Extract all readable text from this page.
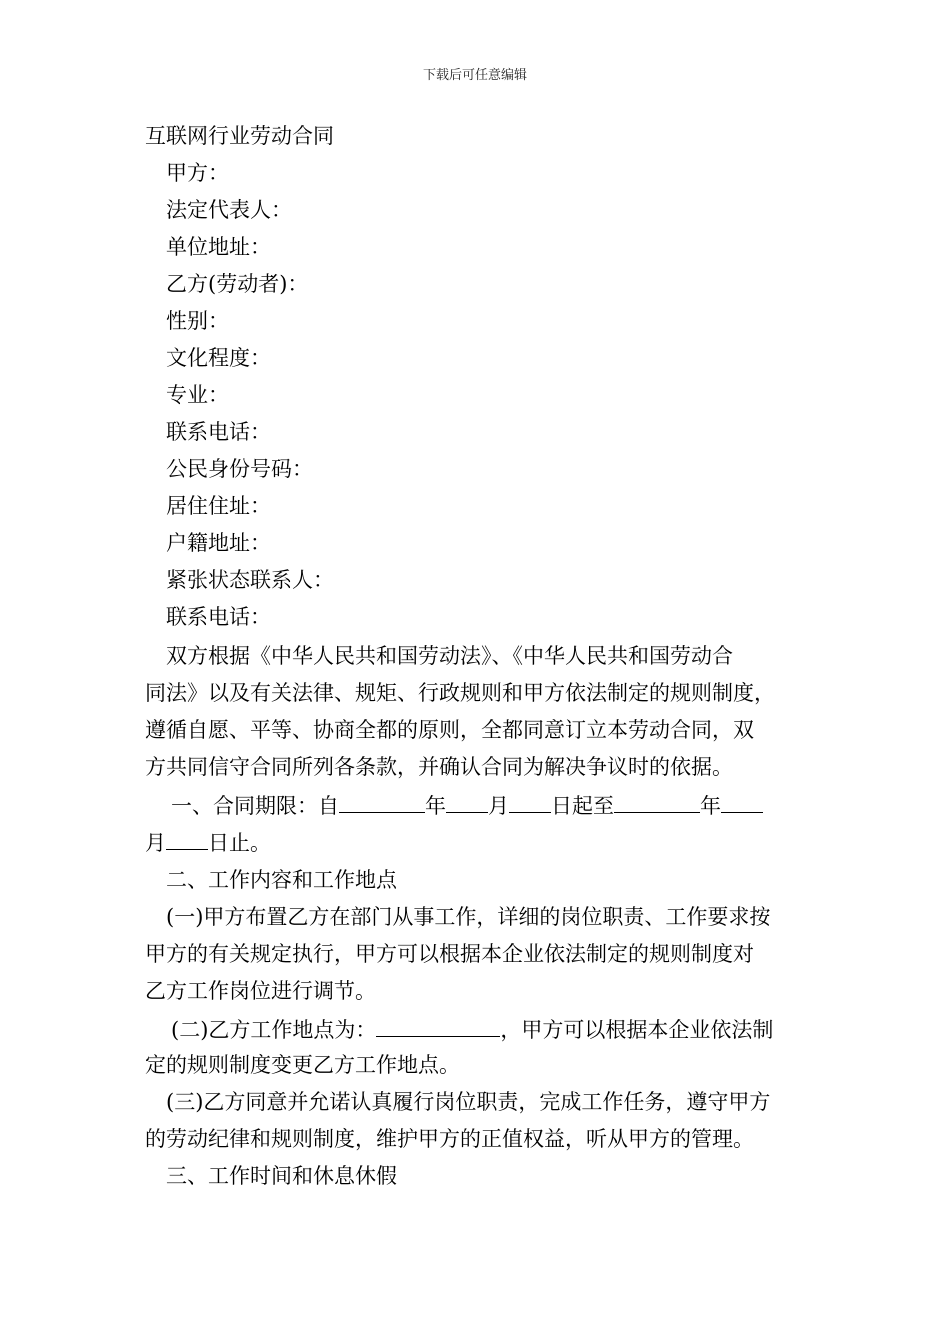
下载后可任意编辑
互联网行业劳动合同
甲方：
法定代表人：
单位地址：
乙方(劳动者)：
性别：
文化程度：
专业：
联系电话：
公民身份号码：
居住住址：
户籍地址：
紧张状态联系人：
联系电话：
双方根据《中华人民共和国劳动法》、《中华人民共和国劳动合
同法》以及有关法律、规矩、行政规则和甲方依法制定的规则制度，
遵循自愿、平等、协商全都的原则，全都同意订立本劳动合同，双
方共同信守合同所列各条款，并确认合同为解决争议时的依据。
一、合同期限：自	年 月 日起至	年
月 日止。
二、工作内容和工作地点
(一)甲方布置乙方在部门从事工作，详细的岗位职责、工作要求按
甲方的有关规定执行，甲方可以根据本企业依法制定的规则制度对
乙方工作岗位进行调节。
(二)乙方工作地点为：	，甲方可以根据本企业依法制
定的规则制度变更乙方工作地点。
(三)乙方同意并允诺认真履行岗位职责，完成工作任务，遵守甲方
的劳动纪律和规则制度，维护甲方的正值权益，听从甲方的管理。
三、工作时间和休息休假
